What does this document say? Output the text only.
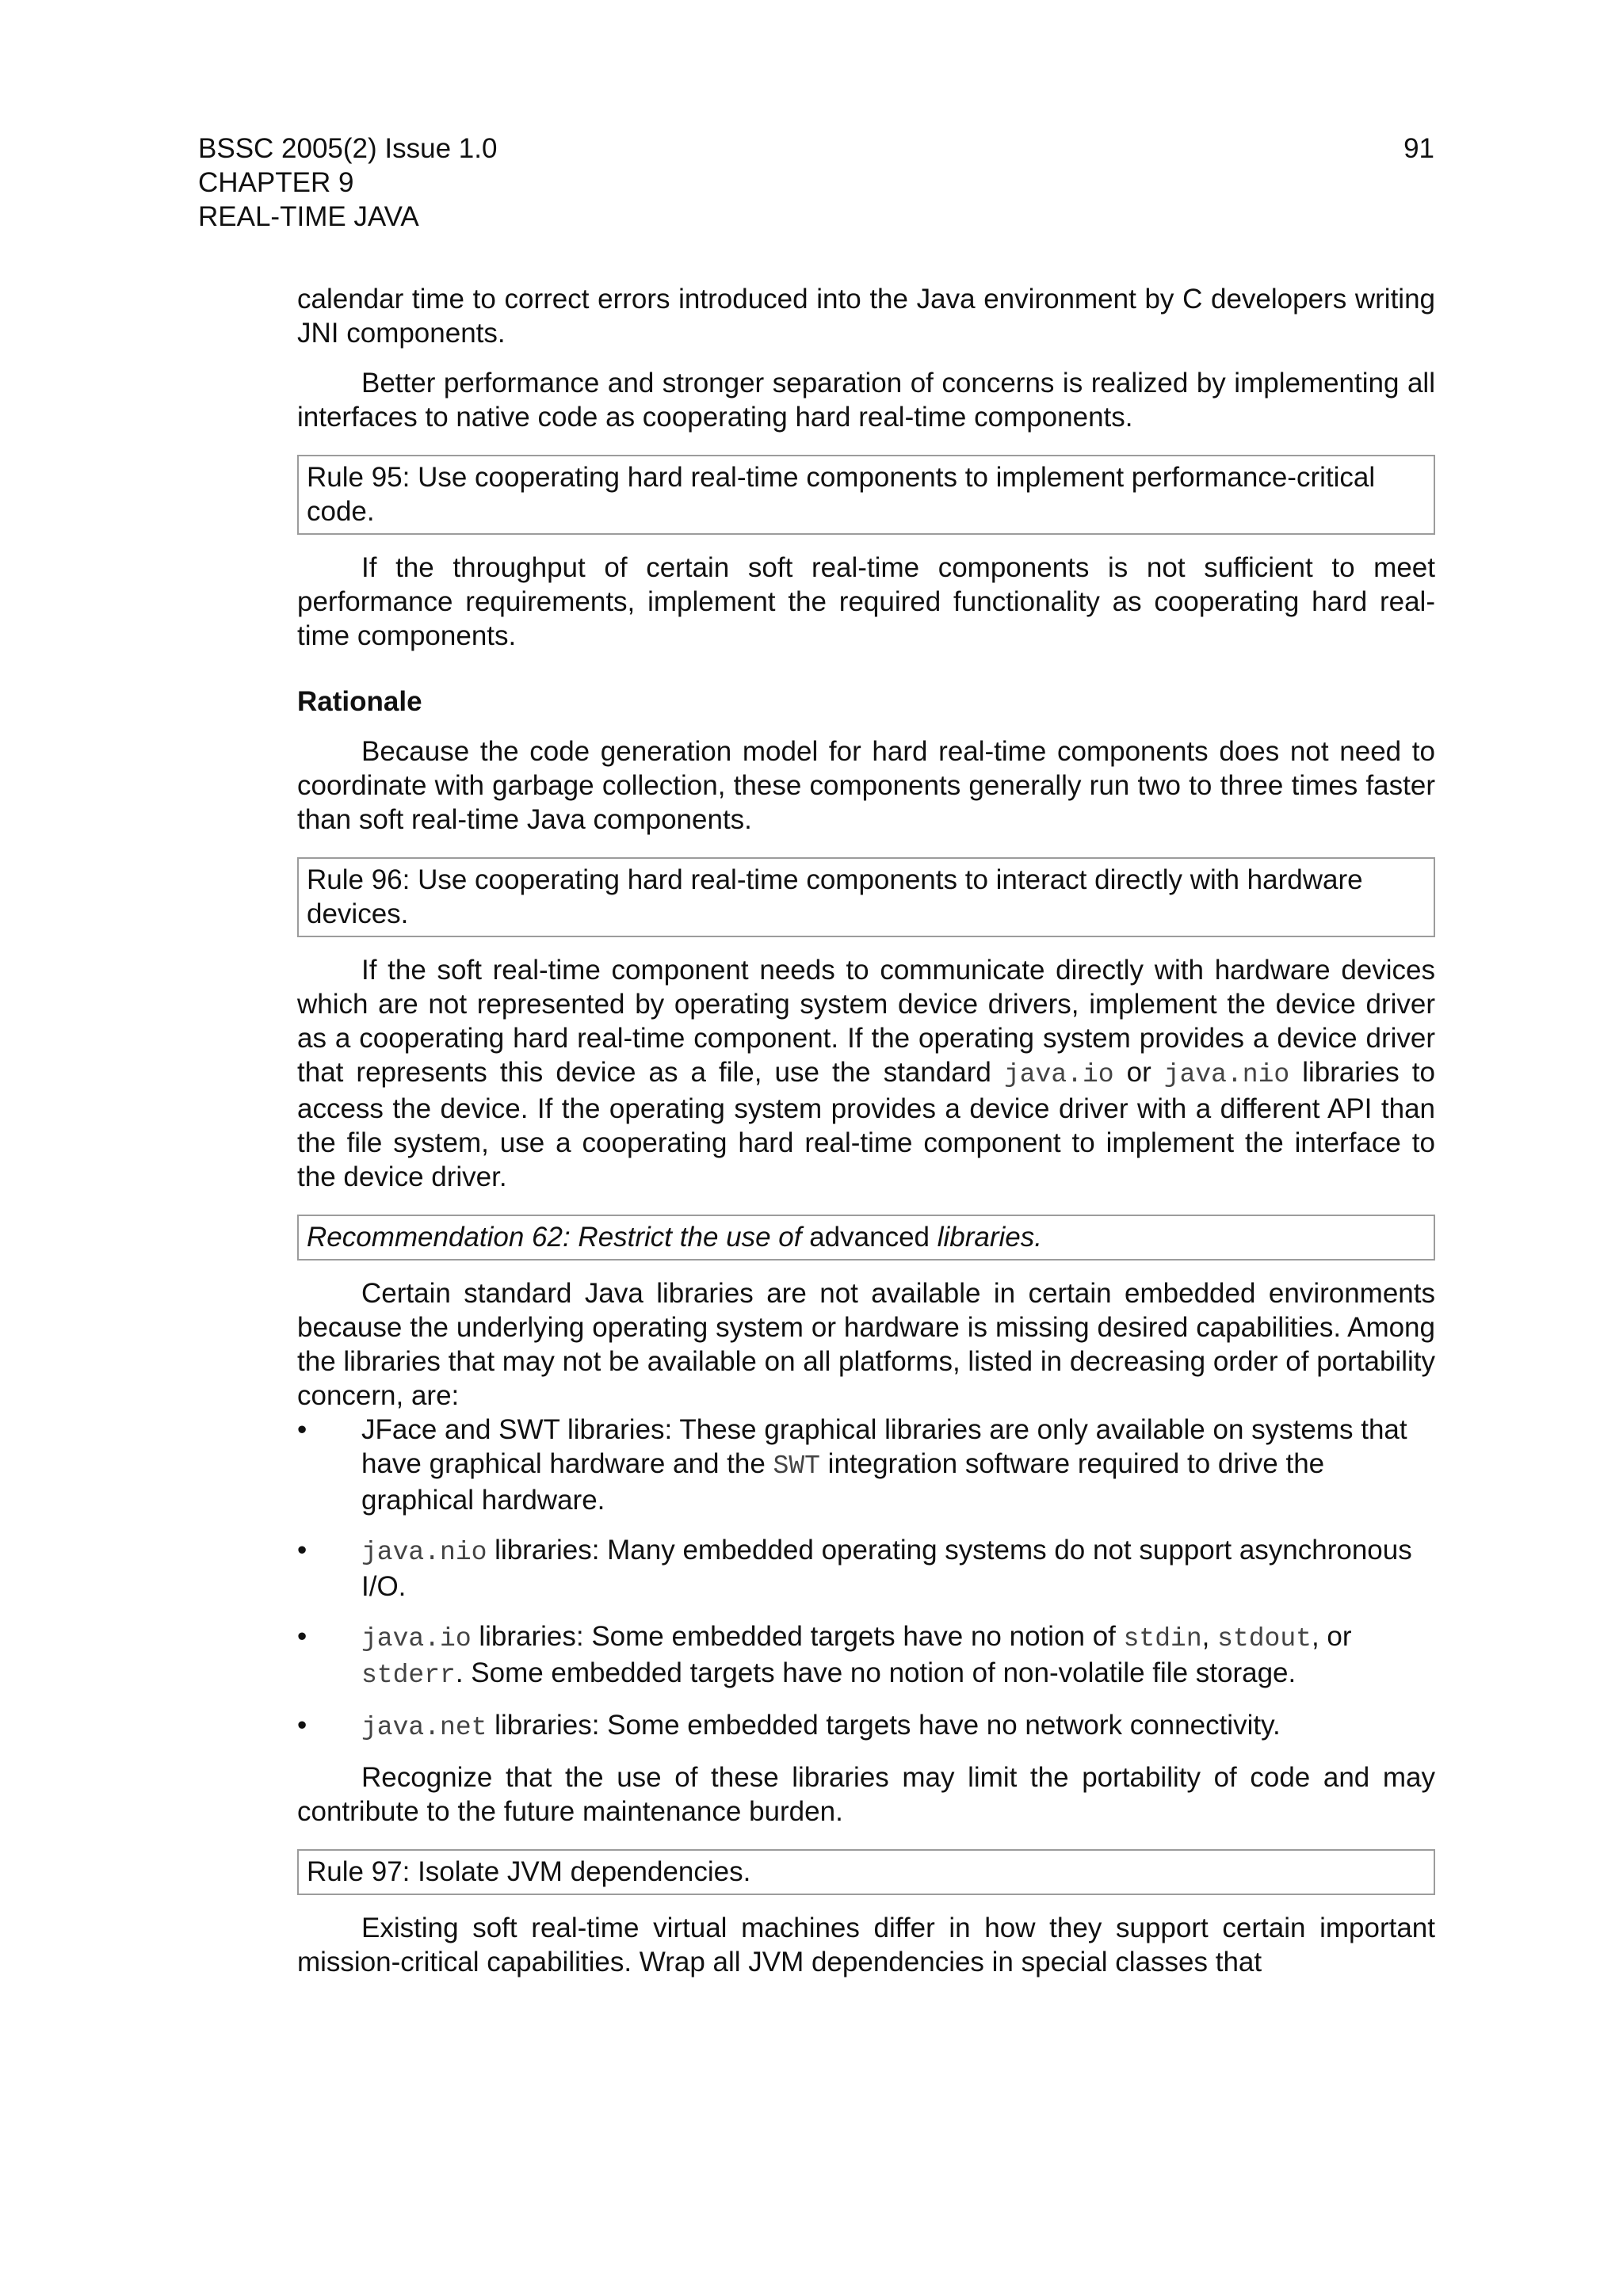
BSSC 2005(2) Issue 1.0
CHAPTER 9
REAL-TIME JAVA
91

calendar time to correct errors introduced into the Java environment by C developers writing JNI components.

Better performance and stronger separation of concerns is realized by implementing all interfaces to native code as cooperating hard real-time components.

Rule 95: Use cooperating hard real-time components to implement performance-critical code.

If the throughput of certain soft real-time components is not sufficient to meet performance requirements, implement the required functionality as cooperating hard real-time components.

Rationale

Because the code generation model for hard real-time components does not need to coordinate with garbage collection, these components generally run two to three times faster than soft real-time Java components.

Rule 96: Use cooperating hard real-time components to interact directly with hardware devices.

If the soft real-time component needs to communicate directly with hardware devices which are not represented by operating system device drivers, implement the device driver as a cooperating hard real-time component. If the operating system provides a device driver that represents this device as a file, use the standard java.io or java.nio libraries to access the device. If the operating system provides a device driver with a different API than the file system, use a cooperating hard real-time component to implement the interface to the device driver.

Recommendation 62: Restrict the use of advanced libraries.

Certain standard Java libraries are not available in certain embedded environments because the underlying operating system or hardware is missing desired capabilities. Among the libraries that may not be available on all platforms, listed in decreasing order of portability concern, are:

• JFace and SWT libraries: These graphical libraries are only available on systems that have graphical hardware and the SWT integration software required to drive the graphical hardware.
• java.nio libraries: Many embedded operating systems do not support asynchronous I/O.
• java.io libraries: Some embedded targets have no notion of stdin, stdout, or stderr. Some embedded targets have no notion of non-volatile file storage.
• java.net libraries: Some embedded targets have no network connectivity.

Recognize that the use of these libraries may limit the portability of code and may contribute to the future maintenance burden.

Rule 97: Isolate JVM dependencies.

Existing soft real-time virtual machines differ in how they support certain important mission-critical capabilities. Wrap all JVM dependencies in special classes that
